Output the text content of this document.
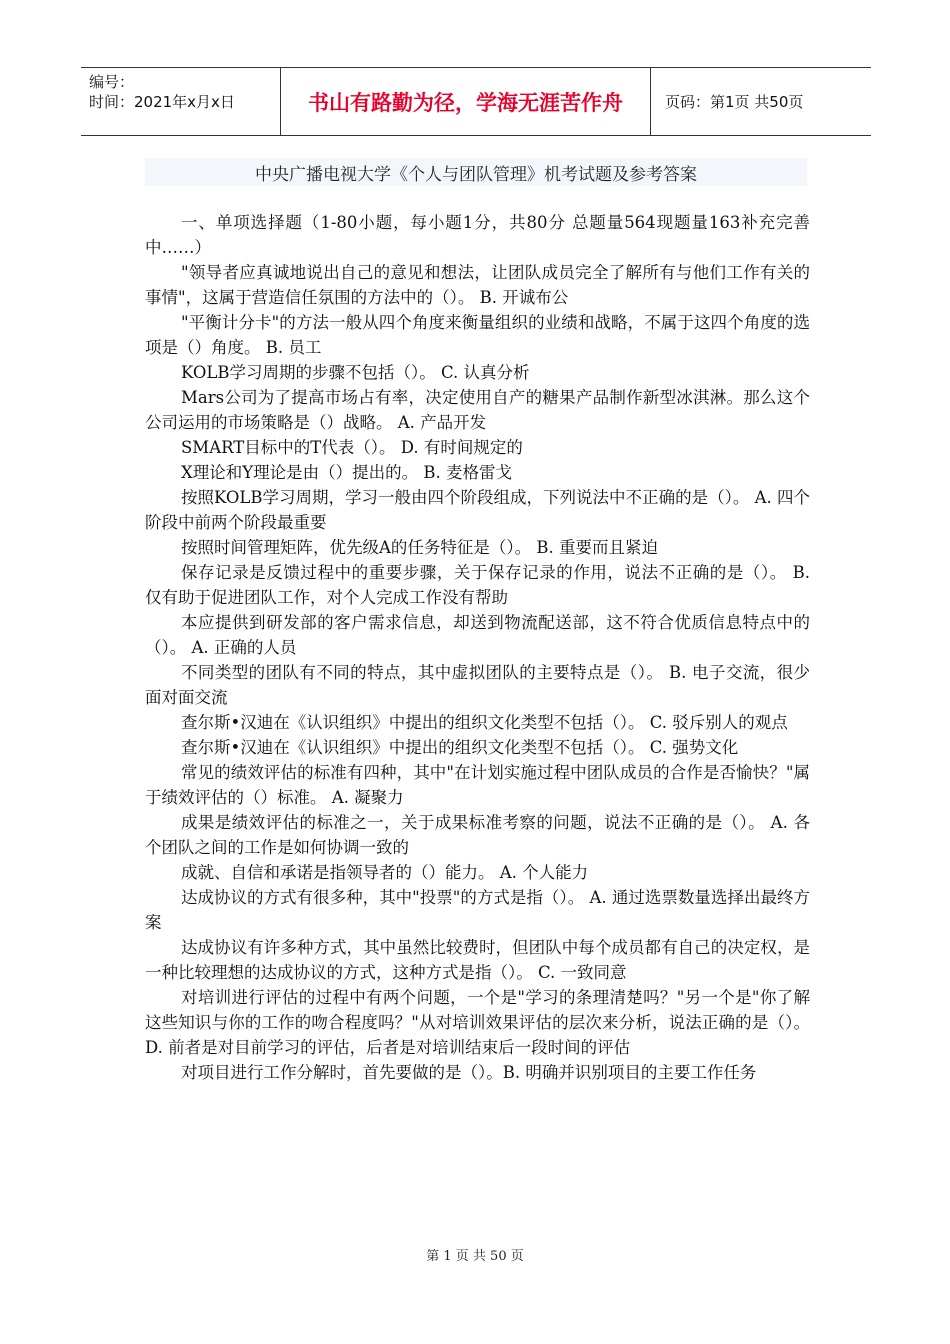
编号：
时间：2021年x月x日	书山有路勤为径，学海无涯苦作舟	页码：第1页 共50页
中央广播电视大学《个人与团队管理》机考试题及参考答案

一、单项选择题（1-80小题，每小题1分，共80分 总题量564现题量163补充完善中……）

"领导者应真诚地说出自己的意见和想法，让团队成员完全了解所有与他们工作有关的事情"，这属于营造信任氛围的方法中的（）。 B. 开诚布公

"平衡计分卡"的方法一般从四个角度来衡量组织的业绩和战略，不属于这四个角度的选项是（）角度。 B. 员工

KOLB学习周期的步骤不包括（）。 C. 认真分析

Mars公司为了提高市场占有率，决定使用自产的糖果产品制作新型冰淇淋。那么这个公司运用的市场策略是（）战略。 A. 产品开发

SMART目标中的T代表（）。 D. 有时间规定的

X理论和Y理论是由（）提出的。 B. 麦格雷戈

按照KOLB学习周期，学习一般由四个阶段组成，下列说法中不正确的是（）。 A. 四个阶段中前两个阶段最重要

按照时间管理矩阵，优先级A的任务特征是（）。 B. 重要而且紧迫

保存记录是反馈过程中的重要步骤，关于保存记录的作用，说法不正确的是（）。 B. 仅有助于促进团队工作，对个人完成工作没有帮助

本应提供到研发部的客户需求信息，却送到物流配送部，这不符合优质信息特点中的（）。 A. 正确的人员

不同类型的团队有不同的特点，其中虚拟团队的主要特点是（）。 B. 电子交流，很少面对面交流

查尔斯•汉迪在《认识组织》中提出的组织文化类型不包括（）。 C. 驳斥别人的观点

查尔斯•汉迪在《认识组织》中提出的组织文化类型不包括（）。 C. 强势文化

常见的绩效评估的标准有四种，其中"在计划实施过程中团队成员的合作是否愉快？"属于绩效评估的（）标准。 A. 凝聚力

成果是绩效评估的标准之一，关于成果标准考察的问题，说法不正确的是（）。 A. 各个团队之间的工作是如何协调一致的

成就、自信和承诺是指领导者的（）能力。 A. 个人能力

达成协议的方式有很多种，其中"投票"的方式是指（）。 A. 通过选票数量选择出最终方案

达成协议有许多种方式，其中虽然比较费时，但团队中每个成员都有自己的决定权，是一种比较理想的达成协议的方式，这种方式是指（）。 C. 一致同意

对培训进行评估的过程中有两个问题，一个是"学习的条理清楚吗？"另一个是"你了解这些知识与你的工作的吻合程度吗？"从对培训效果评估的层次来分析，说法正确的是（）。 D. 前者是对目前学习的评估，后者是对培训结束后一段时间的评估

对项目进行工作分解时，首先要做的是（）。B. 明确并识别项目的主要工作任务

第 1 页 共 50 页
